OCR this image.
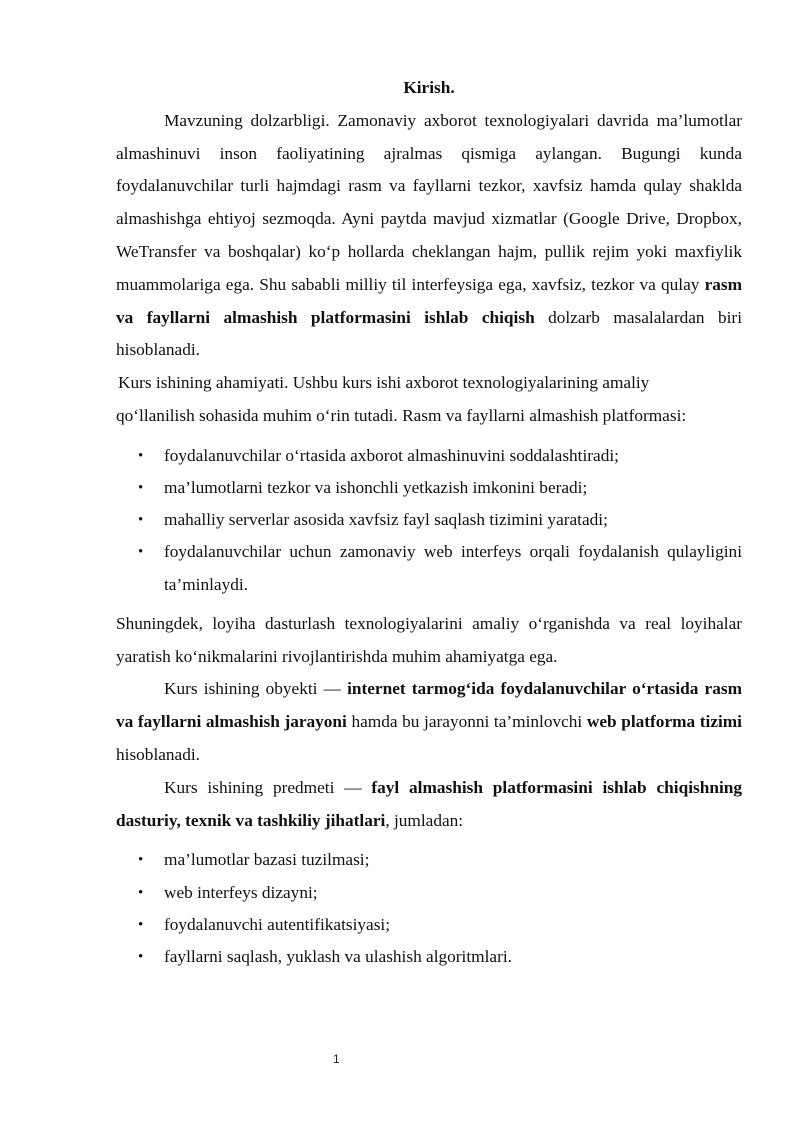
Kirish.

Mavzuning dolzarbligi. Zamonaviy axborot texnologiyalari davrida ma’lumotlar almashinuvi inson faoliyatining ajralmas qismiga aylangan. Bugungi kunda foydalanuvchilar turli hajmdagi rasm va fayllarni tezkor, xavfsiz hamda qulay shaklda almashishga ehtiyoj sezmoqda. Ayni paytda mavjud xizmatlar (Google Drive, Dropbox, WeTransfer va boshqalar) ko‘p hollarda cheklangan hajm, pullik rejim yoki maxfiylik muammolariga ega. Shu sababli milliy til interfeysiga ega, xavfsiz, tezkor va qulay rasm va fayllarni almashish platformasini ishlab chiqish dolzarb masalalardan biri hisoblanadi.

Kurs ishining ahamiyati. Ushbu kurs ishi axborot texnologiyalarining amaliy
qo‘llanilish sohasida muhim o‘rin tutadi. Rasm va fayllarni almashish platformasi:

• foydalanuvchilar o‘rtasida axborot almashinuvini soddalashtiradi;
• ma’lumotlarni tezkor va ishonchli yetkazish imkonini beradi;
• mahalliy serverlar asosida xavfsiz fayl saqlash tizimini yaratadi;
• foydalanuvchilar uchun zamonaviy web interfeys orqali foydalanish qulayligini ta’minlaydi.

Shuningdek, loyiha dasturlash texnologiyalarini amaliy o‘rganishda va real loyihalar yaratish ko‘nikmalarini rivojlantirishda muhim ahamiyatga ega.

Kurs ishining obyekti — internet tarmog‘ida foydalanuvchilar o‘rtasida rasm va fayllarni almashish jarayoni hamda bu jarayonni ta’minlovchi web platforma tizimi hisoblanadi.

Kurs ishining predmeti — fayl almashish platformasini ishlab chiqishning dasturiy, texnik va tashkiliy jihatlari, jumladan:

• ma’lumotlar bazasi tuzilmasi;
• web interfeys dizayni;
• foydalanuvchi autentifikatsiyasi;
• fayllarni saqlash, yuklash va ulashish algoritmlari.
1
